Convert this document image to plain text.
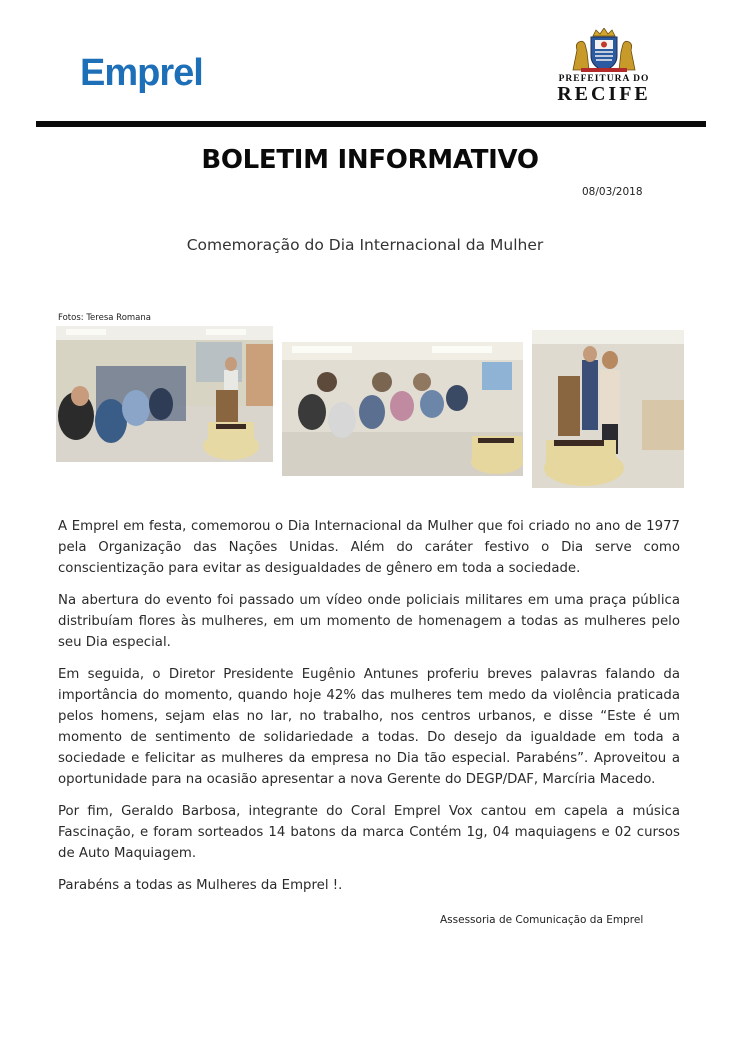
Emprel	PREFEITURA DO
RECIFE
BOLETIM INFORMATIVO
08/03/2018
Comemoração do Dia Internacional da Mulher
Fotos: Teresa Romana

A Emprel em festa, comemorou o Dia Internacional da Mulher que foi criado no ano de 1977 pela Organização das Nações Unidas. Além do caráter festivo o Dia serve como conscientização para evitar as desigualdades de gênero em toda a sociedade.

Na abertura do evento foi passado um vídeo onde policiais militares em uma praça pública distribuíam flores às mulheres, em um momento de homenagem a todas as mulheres pelo seu Dia especial.

Em seguida, o Diretor Presidente Eugênio Antunes proferiu breves palavras falando da importância do momento, quando hoje 42% das mulheres tem medo da violência praticada pelos homens, sejam elas no lar, no trabalho, nos centros urbanos, e disse “Este é um momento de sentimento de solidariedade a todas. Do desejo da igualdade em toda a sociedade e felicitar as mulheres da empresa no Dia tão especial. Parabéns”. Aproveitou a oportunidade para na ocasião apresentar a nova Gerente do DEGP/DAF, Marcíria Macedo.

Por fim, Geraldo Barbosa, integrante do Coral Emprel Vox cantou em capela a música Fascinação, e foram sorteados 14 batons da marca Contém 1g, 04 maquiagens e 02 cursos de Auto Maquiagem.

Parabéns a todas as Mulheres da Emprel !.

Assessoria de Comunicação da Emprel
